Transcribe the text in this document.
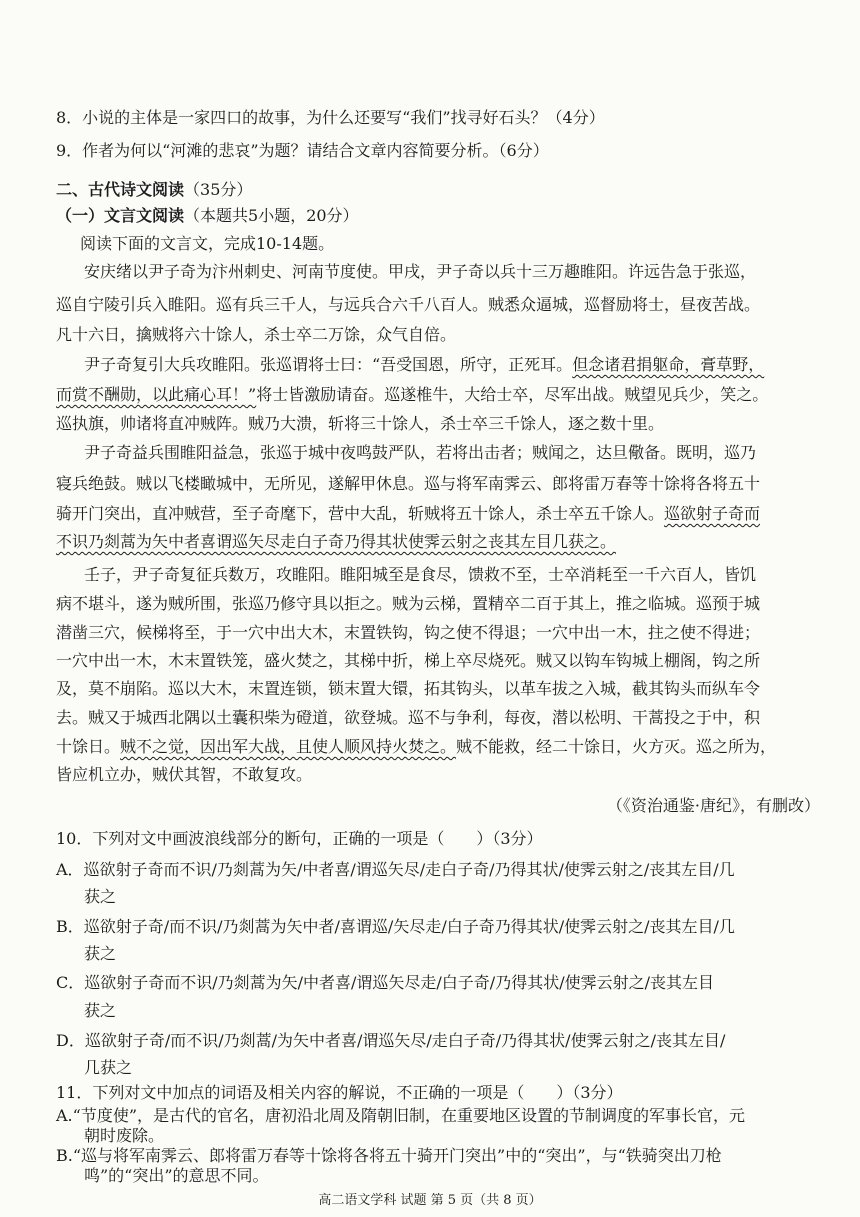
8．小说的主体是一家四口的故事，为什么还要写“我们”找寻好石头？（4分）
9．作者为何以“河滩的悲哀”为题？请结合文章内容简要分析。（6分）
二、古代诗文阅读（35分）
（一）文言文阅读（本题共5小题，20分）
阅读下面的文言文，完成10-14题。
安庆绪以尹子奇为汴州刺史、河南节度使。甲戌，尹子奇以兵十三万趣睢阳。许远告急于张巡，
巡自宁陵引兵入睢阳。巡有兵三千人，与远兵合六千八百人。贼悉众逼城，巡督励将士，昼夜苦战。
凡十六日，擒贼将六十馀人，杀士卒二万馀，众气自倍。
尹子奇复引大兵攻睢阳。张巡谓将士曰：“吾受国恩，所守，正死耳。但念诸君捐躯命，膏草野，
而赏不酬勋，以此痛心耳！”将士皆激励请奋。巡遂椎牛，大给士卒，尽军出战。贼望见兵少，笑之。
巡执旗，帅诸将直冲贼阵。贼乃大溃，斩将三十馀人，杀士卒三千馀人，逐之数十里。
尹子奇益兵围睢阳益急，张巡于城中夜鸣鼓严队，若将出击者；贼闻之，达旦儆备。既明，巡乃
寝兵绝鼓。贼以飞楼瞰城中，无所见，遂解甲休息。巡与将军南霁云、郎将雷万春等十馀将各将五十
骑开门突出，直冲贼营，至子奇麾下，营中大乱，斩贼将五十馀人，杀士卒五千馀人。巡欲射子奇而
不识乃剡蒿为矢中者喜谓巡矢尽走白子奇乃得其状使霁云射之丧其左目几获之。
壬子，尹子奇复征兵数万，攻睢阳。睢阳城至是食尽，馈救不至，士卒消耗至一千六百人，皆饥
病不堪斗，遂为贼所围，张巡乃修守具以拒之。贼为云梯，置精卒二百于其上，推之临城。巡预于城
潜凿三穴，候梯将至，于一穴中出大木，末置铁钩，钩之使不得退；一穴中出一木，拄之使不得进；
一穴中出一木，木末置铁笼，盛火焚之，其梯中折，梯上卒尽烧死。贼又以钩车钩城上棚阁，钩之所
及，莫不崩陷。巡以大木，末置连锁，锁末置大镮，拓其钩头，以革车拔之入城，截其钩头而纵车令
去。贼又于城西北隅以土囊积柴为磴道，欲登城。巡不与争利，每夜，潜以松明、干蒿投之于中，积
十馀日。贼不之觉，因出军大战，且使人顺风持火焚之。贼不能救，经二十馀日，火方灭。巡之所为，
皆应机立办，贼伏其智，不敢复攻。
（《资治通鉴·唐纪》，有删改）
10．下列对文中画波浪线部分的断句，正确的一项是（　　）（3分）
A．巡欲射子奇而不识/乃剡蒿为矢/中者喜/谓巡矢尽/走白子奇/乃得其状/使霁云射之/丧其左目/几
获之
B．巡欲射子奇/而不识/乃剡蒿为矢中者/喜谓巡/矢尽走/白子奇乃得其状/使霁云射之/丧其左目/几
获之
C．巡欲射子奇而不识/乃剡蒿为矢/中者喜/谓巡矢尽走/白子奇/乃得其状/使霁云射之/丧其左目
获之
D．巡欲射子奇/而不识/乃剡蒿/为矢中者喜/谓巡矢尽/走白子奇/乃得其状/使霁云射之/丧其左目/
几获之
11．下列对文中加点的词语及相关内容的解说，不正确的一项是（　　）（3分）
A.“节度使”，是古代的官名，唐初沿北周及隋朝旧制，在重要地区设置的节制调度的军事长官，元
朝时废除。
高二语文学科 试题 第 5 页（共 8 页）
B.“巡与将军南霁云、郎将雷万春等十馀将各将五十骑开门突出”中的“突出”，与“铁骑突出刀枪
鸣”的“突出”的意思不同。
